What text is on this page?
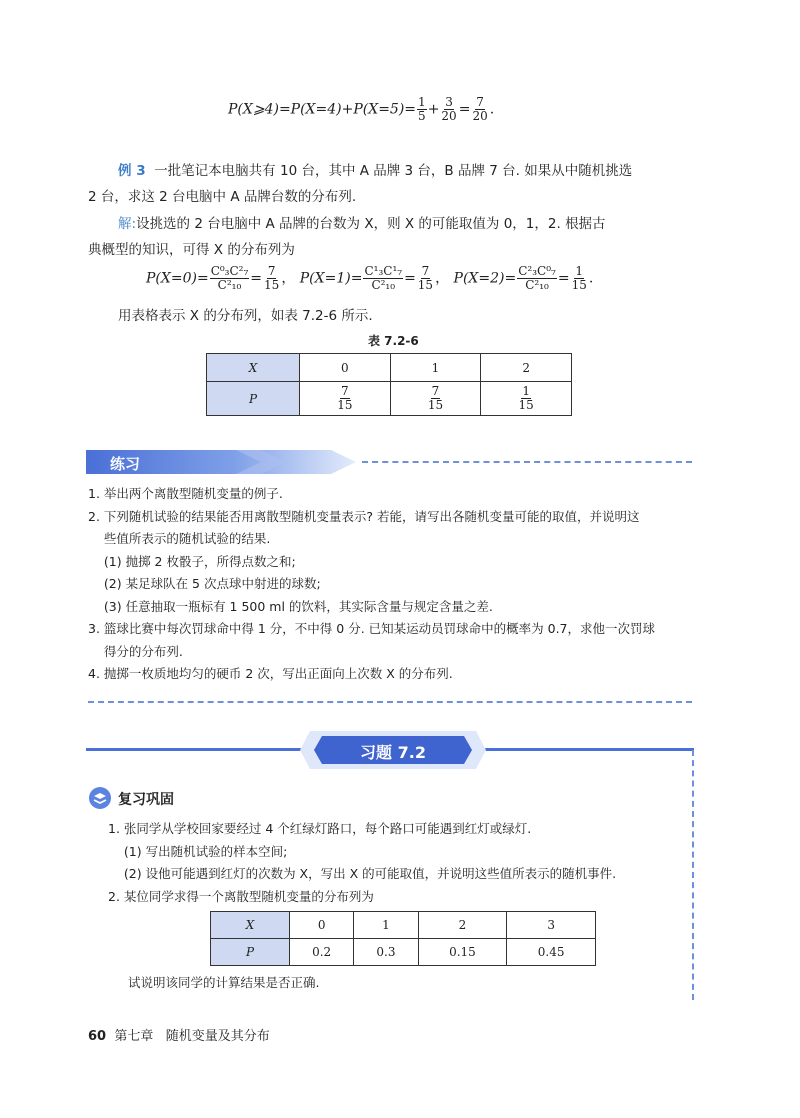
P(X⩾4)=P(X=4)+P(X=5)= $\frac{1}{5} + \frac{3}{20} = \frac{7}{20}$ .
例 3 一批笔记本电脑共有 10 台，其中 A 品牌 3 台，B 品牌 7 台. 如果从中随机挑选
2 台，求这 2 台电脑中 A 品牌台数的分布列.
解:设挑选的 2 台电脑中 A 品牌的台数为 X，则 X 的可能取值为 0，1，2. 根据古
典概型的知识，可得 X 的分布列为
$P(X=0)= \frac{\text{C⁰₃C²₇}}{\text{C²₁₀}} = \frac{7}{15}$ ， $P(X=1)= \frac{\text{C¹₃C¹₇}}{\text{C²₁₀}} = \frac{7}{15}$ ， $P(X=2)= \frac{\text{C²₃C⁰₇}}{\text{C²₁₀}} = \frac{1}{15}$ .
用表格表示 X 的分布列，如表 7.2-6 所示.
表 7.2-6
X	0	1	2
P	$\frac{7}{15}$	$\frac{7}{15}$	$\frac{1}{15}$
练习
1. 举出两个离散型随机变量的例子.
2. 下列随机试验的结果能否用离散型随机变量表示? 若能，请写出各随机变量可能的取值，并说明这
些值所表示的随机试验的结果.
(1) 抛掷 2 枚骰子，所得点数之和;
(2) 某足球队在 5 次点球中射进的球数;
(3) 任意抽取一瓶标有 1 500 ml 的饮料，其实际含量与规定含量之差.
3. 篮球比赛中每次罚球命中得 1 分，不中得 0 分. 已知某运动员罚球命中的概率为 0.7，求他一次罚球
得分的分布列.
4. 抛掷一枚质地均匀的硬币 2 次，写出正面向上次数 X 的分布列.
习题 7.2
复习巩固
1. 张同学从学校回家要经过 4 个红绿灯路口，每个路口可能遇到红灯或绿灯.
(1) 写出随机试验的样本空间;
(2) 设他可能遇到红灯的次数为 X，写出 X 的可能取值，并说明这些值所表示的随机事件.
2. 某位同学求得一个离散型随机变量的分布列为
X	0	1	2	3
P	0.2	0.3	0.15	0.45
试说明该同学的计算结果是否正确.
60 第七章 随机变量及其分布
